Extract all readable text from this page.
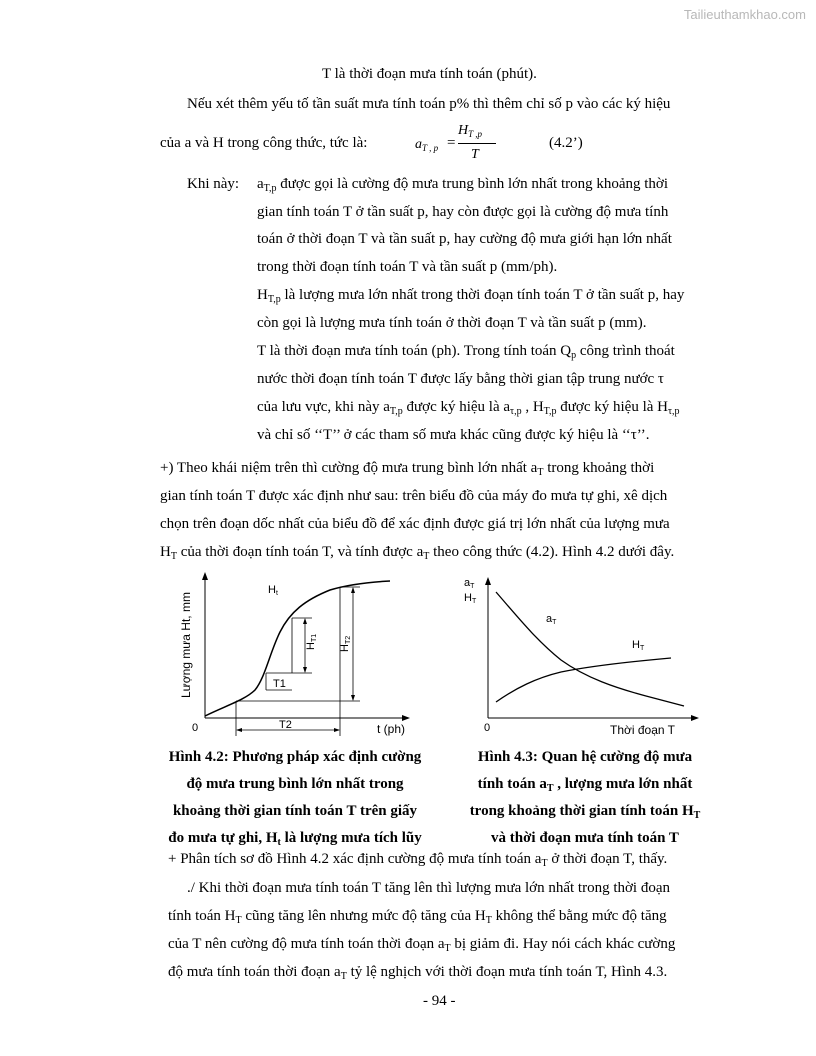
Tailieuthamkhao.com
T là thời đoạn mưa tính toán (phút).
Nếu xét thêm yếu tố tần suất mưa tính toán p% thì thêm chỉ số p vào các ký hiệu
của a và H trong công thức, tức là:	$a_{T , p}$ =
$H_{T ,p}$
T
(4.2’)
Khi này: $a_{T,p}$ được gọi là cường độ mưa trung bình lớn nhất trong khoảng thời
gian tính toán T ở tần suất p, hay còn được gọi là cường độ mưa tính
toán ở thời đoạn T và tần suất p, hay cường độ mưa giới hạn lớn nhất
trong thời đoạn tính toán T và tần suất p (mm/ph).
$H_{T,p}$ là lượng mưa lớn nhất trong thời đoạn tính toán T ở tần suất p, hay
còn gọi là lượng mưa tính toán ở thời đoạn T và tần suất p (mm).
T là thời đoạn mưa tính toán (ph). Trong tính toán $Q_p$ công trình thoát
nước thời đoạn tính toán T được lấy bằng thời gian tập trung nước τ
của lưu vực, khi này $a_{T,p}$ được ký hiệu là $a_{\tau,p}$ , $H_{T,p}$ được ký hiệu là $H_{\tau,p}$
và chỉ số ‘‘T’’ ở các tham số mưa khác cũng được ký hiệu là ‘‘τ’’.
+) Theo khái niệm trên thì cường độ mưa trung bình lớn nhất $a_T$ trong khoảng thời
gian tính toán T được xác định như sau: trên biểu đồ của máy đo mưa tự ghi, xê dịch
chọn trên đoạn dốc nhất của biểu đồ để xác định được giá trị lớn nhất của lượng mưa
$H_T$ của thời đoạn tính toán T, và tính được $a_T$ theo công thức (4.2). Hình 4.2 dưới đây.
Ht
HT1
HT2
T1
T2
0	t (ph)
Lượng mưa Ht, mm
aT
HT
aT
HT
0	Thời đoạn T
Hình 4.2: Phương pháp xác định cường
độ mưa trung bình lớn nhất trong
khoảng thời gian tính toán T trên giấy
đo mưa tự ghi, $H_t$ là lượng mưa tích lũy
Hình 4.3: Quan hệ cường độ mưa
tính toán $a_T$ , lượng mưa lớn nhất
trong khoảng thời gian tính toán $H_T$
và thời đoạn mưa tính toán T
+ Phân tích sơ đồ Hình 4.2 xác định cường độ mưa tính toán $a_T$ ở thời đoạn T, thấy.
./ Khi thời đoạn mưa tính toán T tăng lên thì lượng mưa lớn nhất trong thời đoạn
tính toán $H_T$ cũng tăng lên nhưng mức độ tăng của $H_T$ không thể bằng mức độ tăng
của T nên cường độ mưa tính toán thời đoạn $a_T$ bị giảm đi. Hay nói cách khác cường
độ mưa tính toán thời đoạn $a_T$ tỷ lệ nghịch với thời đoạn mưa tính toán T, Hình 4.3.
- 94 -
